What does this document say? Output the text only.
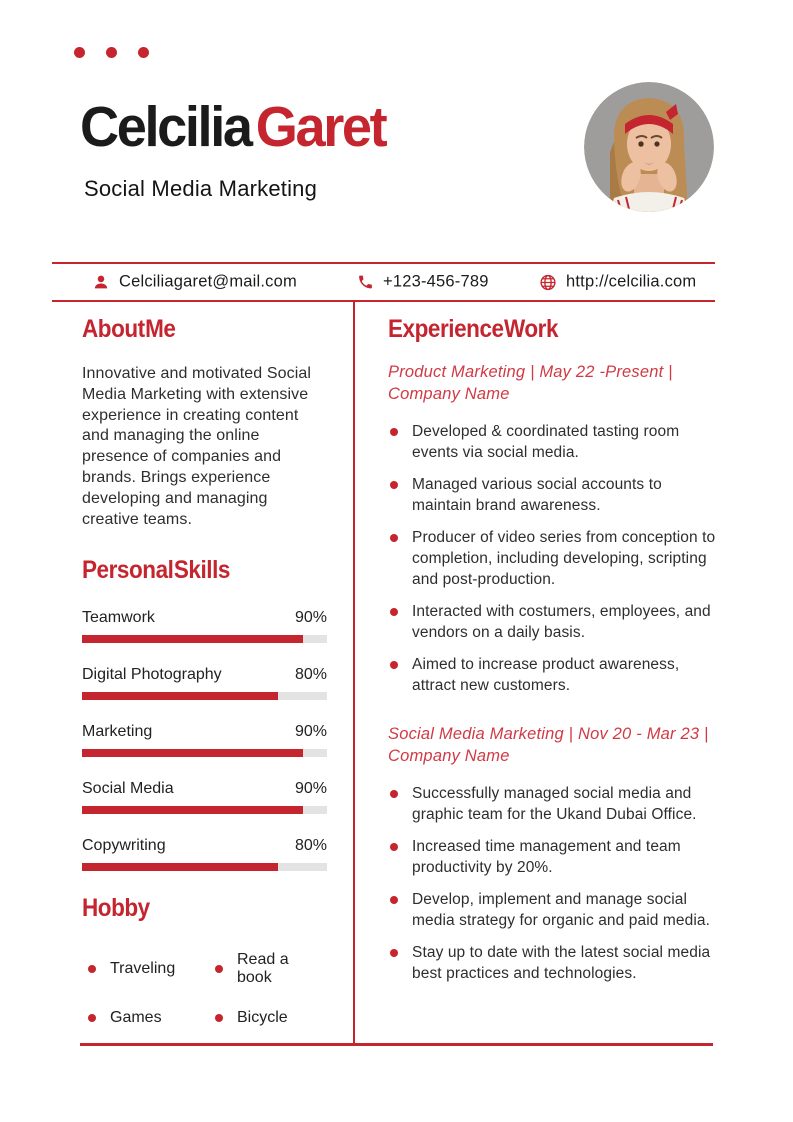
Celcilia Garet
Social Media Marketing
Celciliagaret@mail.com	+123-456-789	http://celcilia.com
About Me
Innovative and motivated Social Media Marketing with extensive experience in creating content and managing the online presence of companies and brands. Brings experience developing and managing creative teams.
Personal Skills
Teamwork	90%
Digital Photography	80%
Marketing	90%
Social Media	90%
Copywriting	80%
Hobby
Traveling
Read a book
Games	Bicycle
Experience Work
Product Marketing | May 22 -Present |
Company Name
Developed & coordinated tasting room events via social media.
Managed various social accounts to maintain brand awareness.
Producer of video series from conception to completion, including developing, scripting and post-production.
Interacted with costumers, employees, and vendors on a daily basis.
Aimed to increase product awareness, attract new customers.
Social Media Marketing | Nov 20 - Mar 23 |
Company Name
Successfully managed social media and graphic team for the Ukand Dubai Office.
Increased time management and team productivity by 20%.
Develop, implement and manage social media strategy for organic and paid media.
Stay up to date with the latest social media best practices and technologies.
